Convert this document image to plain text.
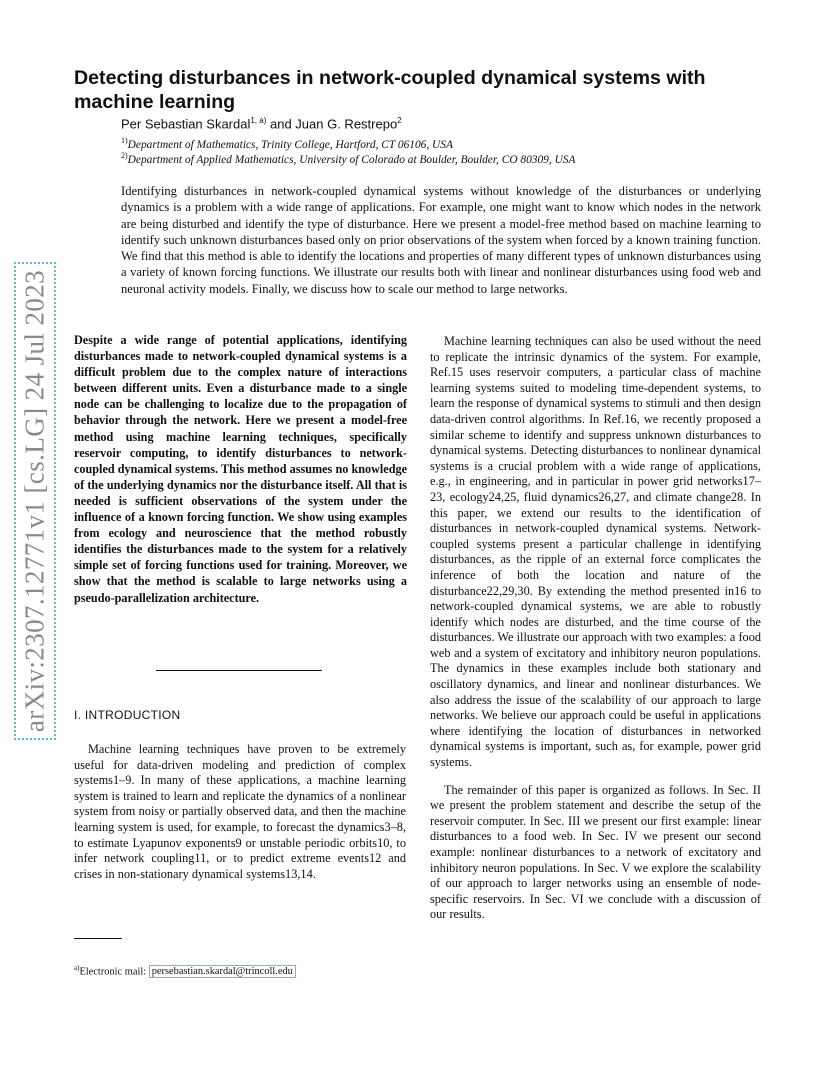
arXiv:2307.12771v1 [cs.LG] 24 Jul 2023
Detecting disturbances in network-coupled dynamical systems with machine learning
Per Sebastian Skardal$^{1, a)}$ and Juan G. Restrepo$^2$
$^{1)}$Department of Mathematics, Trinity College, Hartford, CT 06106, USA
$^{2)}$Department of Applied Mathematics, University of Colorado at Boulder, Boulder, CO 80309, USA
Identifying disturbances in network-coupled dynamical systems without knowledge of the disturbances or underlying dynamics is a problem with a wide range of applications. For example, one might want to know which nodes in the network are being disturbed and identify the type of disturbance. Here we present a model-free method based on machine learning to identify such unknown disturbances based only on prior observations of the system when forced by a known training function. We find that this method is able to identify the locations and properties of many different types of unknown disturbances using a variety of known forcing functions. We illustrate our results both with linear and nonlinear disturbances using food web and neuronal activity models. Finally, we discuss how to scale our method to large networks.
Despite a wide range of potential applications, identifying disturbances made to network-coupled dynamical systems is a difficult problem due to the complex nature of interactions between different units. Even a disturbance made to a single node can be challenging to localize due to the propagation of behavior through the network. Here we present a model-free method using machine learning techniques, specifically reservoir computing, to identify disturbances to network-coupled dynamical systems. This method assumes no knowledge of the underlying dynamics nor the disturbance itself. All that is needed is sufficient observations of the system under the influence of a known forcing function. We show using examples from ecology and neuroscience that the method robustly identifies the disturbances made to the system for a relatively simple set of forcing functions used for training. Moreover, we show that the method is scalable to large networks using a pseudo-parallelization architecture.
I. INTRODUCTION

Machine learning techniques have proven to be extremely useful for data-driven modeling and prediction of complex systems1–9. In many of these applications, a machine learning system is trained to learn and replicate the dynamics of a nonlinear system from noisy or partially observed data, and then the machine learning system is used, for example, to forecast the dynamics3–8, to estimate Lyapunov exponents9 or unstable periodic orbits10, to infer network coupling11, or to predict extreme events12 and crises in non-stationary dynamical systems13,14.

$^{a)}$Electronic mail: persebastian.skardal@trincoll.edu

Machine learning techniques can also be used without the need to replicate the intrinsic dynamics of the system. For example, Ref.15 uses reservoir computers, a particular class of machine learning systems suited to modeling time-dependent systems, to learn the response of dynamical systems to stimuli and then design data-driven control algorithms. In Ref.16, we recently proposed a similar scheme to identify and suppress unknown disturbances to dynamical systems. Detecting disturbances to nonlinear dynamical systems is a crucial problem with a wide range of applications, e.g., in engineering, and in particular in power grid networks17–23, ecology24,25, fluid dynamics26,27, and climate change28. In this paper, we extend our results to the identification of disturbances in network-coupled dynamical systems. Network-coupled systems present a particular challenge in identifying disturbances, as the ripple of an external force complicates the inference of both the location and nature of the disturbance22,29,30. By extending the method presented in16 to network-coupled dynamical systems, we are able to robustly identify which nodes are disturbed, and the time course of the disturbances. We illustrate our approach with two examples: a food web and a system of excitatory and inhibitory neuron populations. The dynamics in these examples include both stationary and oscillatory dynamics, and linear and nonlinear disturbances. We also address the issue of the scalability of our approach to large networks. We believe our approach could be useful in applications where identifying the location of disturbances in networked dynamical systems is important, such as, for example, power grid systems.

The remainder of this paper is organized as follows. In Sec. II we present the problem statement and describe the setup of the reservoir computer. In Sec. III we present our first example: linear disturbances to a food web. In Sec. IV we present our second example: nonlinear disturbances to a network of excitatory and inhibitory neuron populations. In Sec. V we explore the scalability of our approach to larger networks using an ensemble of node-specific reservoirs. In Sec. VI we conclude with a discussion of our results.
